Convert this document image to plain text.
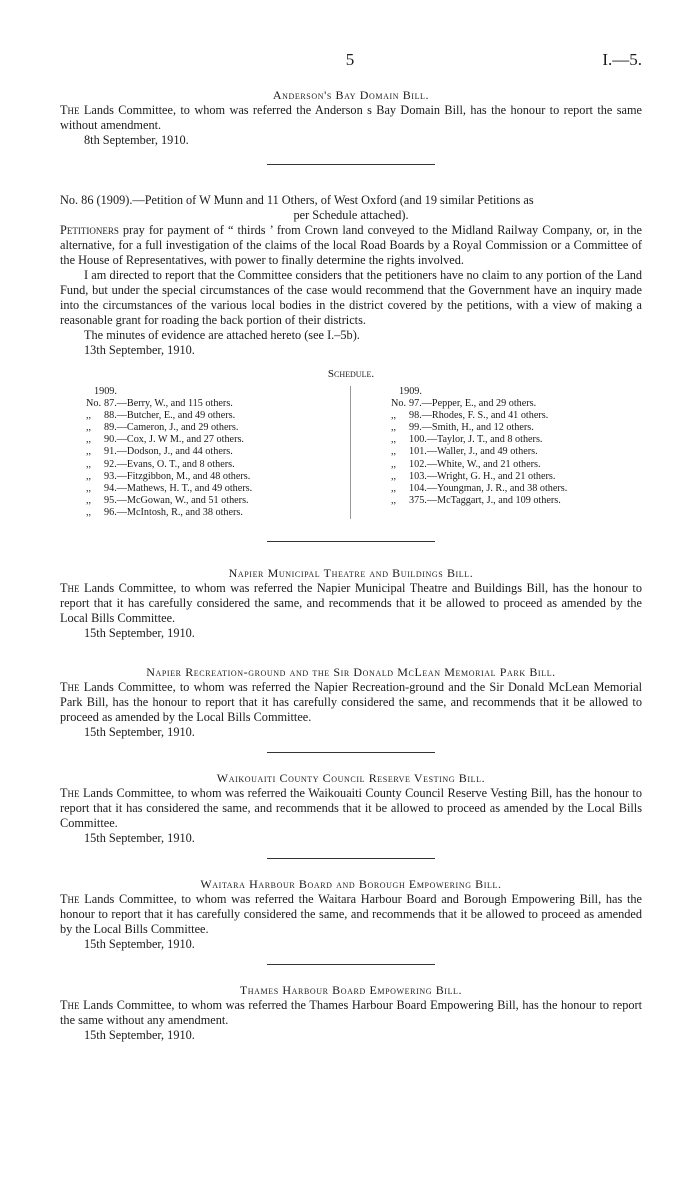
5	I.—5.
Anderson's Bay Domain Bill.

The Lands Committee, to whom was referred the Anderson s Bay Domain Bill, has the honour to report the same without amendment.

8th September, 1910.

No. 86 (1909).—Petition of W Munn and 11 Others, of West Oxford (and 19 similar Petitions as

per Schedule attached).

Petitioners pray for payment of “ thirds ’ from Crown land conveyed to the Midland Railway Company, or, in the alternative, for a full investigation of the claims of the local Road Boards by a Royal Commission or a Committee of the House of Representatives, with power to finally determine the rights involved.

I am directed to report that the Committee considers that the petitioners have no claim to any portion of the Land Fund, but under the special circumstances of the case would recommend that the Government have an inquiry made into the circumstances of the various local bodies in the district covered by the petitions, with a view of making a reasonable grant for roading the back portion of their districts.

The minutes of evidence are attached hereto (see I.–5b).

13th September, 1910.

Schedule.
1909.
No. 87.—Berry, W., and 115 others.
,, 88.—Butcher, E., and 49 others.
,, 89.—Cameron, J., and 29 others.
,, 90.—Cox, J. W M., and 27 others.
,, 91.—Dodson, J., and 44 others.
,, 92.—Evans, O. T., and 8 others.
,, 93.—Fitzgibbon, M., and 48 others.
,, 94.—Mathews, H. T., and 49 others.
,, 95.—McGowan, W., and 51 others.
,, 96.—McIntosh, R., and 38 others.
1909.
No. 97.—Pepper, E., and 29 others.
,, 98.—Rhodes, F. S., and 41 others.
,, 99.—Smith, H., and 12 others.
,, 100.—Taylor, J. T., and 8 others.
,, 101.—Waller, J., and 49 others.
,, 102.—White, W., and 21 others.
,, 103.—Wright, G. H., and 21 others.
,, 104.—Youngman, J. R., and 38 others.
,, 375.—McTaggart, J., and 109 others.
Napier Municipal Theatre and Buildings Bill.

The Lands Committee, to whom was referred the Napier Municipal Theatre and Buildings Bill, has the honour to report that it has carefully considered the same, and recommends that it be allowed to proceed as amended by the Local Bills Committee.

15th September, 1910.

Napier Recreation-ground and the Sir Donald McLean Memorial Park Bill.

The Lands Committee, to whom was referred the Napier Recreation-ground and the Sir Donald McLean Memorial Park Bill, has the honour to report that it has carefully considered the same, and recommends that it be allowed to proceed as amended by the Local Bills Committee.

15th September, 1910.

Waikouaiti County Council Reserve Vesting Bill.

The Lands Committee, to whom was referred the Waikouaiti County Council Reserve Vesting Bill, has the honour to report that it has considered the same, and recommends that it be allowed to proceed as amended by the Local Bills Committee.

15th September, 1910.

Waitara Harbour Board and Borough Empowering Bill.

The Lands Committee, to whom was referred the Waitara Harbour Board and Borough Empowering Bill, has the honour to report that it has carefully considered the same, and recommends that it be allowed to proceed as amended by the Local Bills Committee.

15th September, 1910.

Thames Harbour Board Empowering Bill.

The Lands Committee, to whom was referred the Thames Harbour Board Empowering Bill, has the honour to report the same without any amendment.

15th September, 1910.
